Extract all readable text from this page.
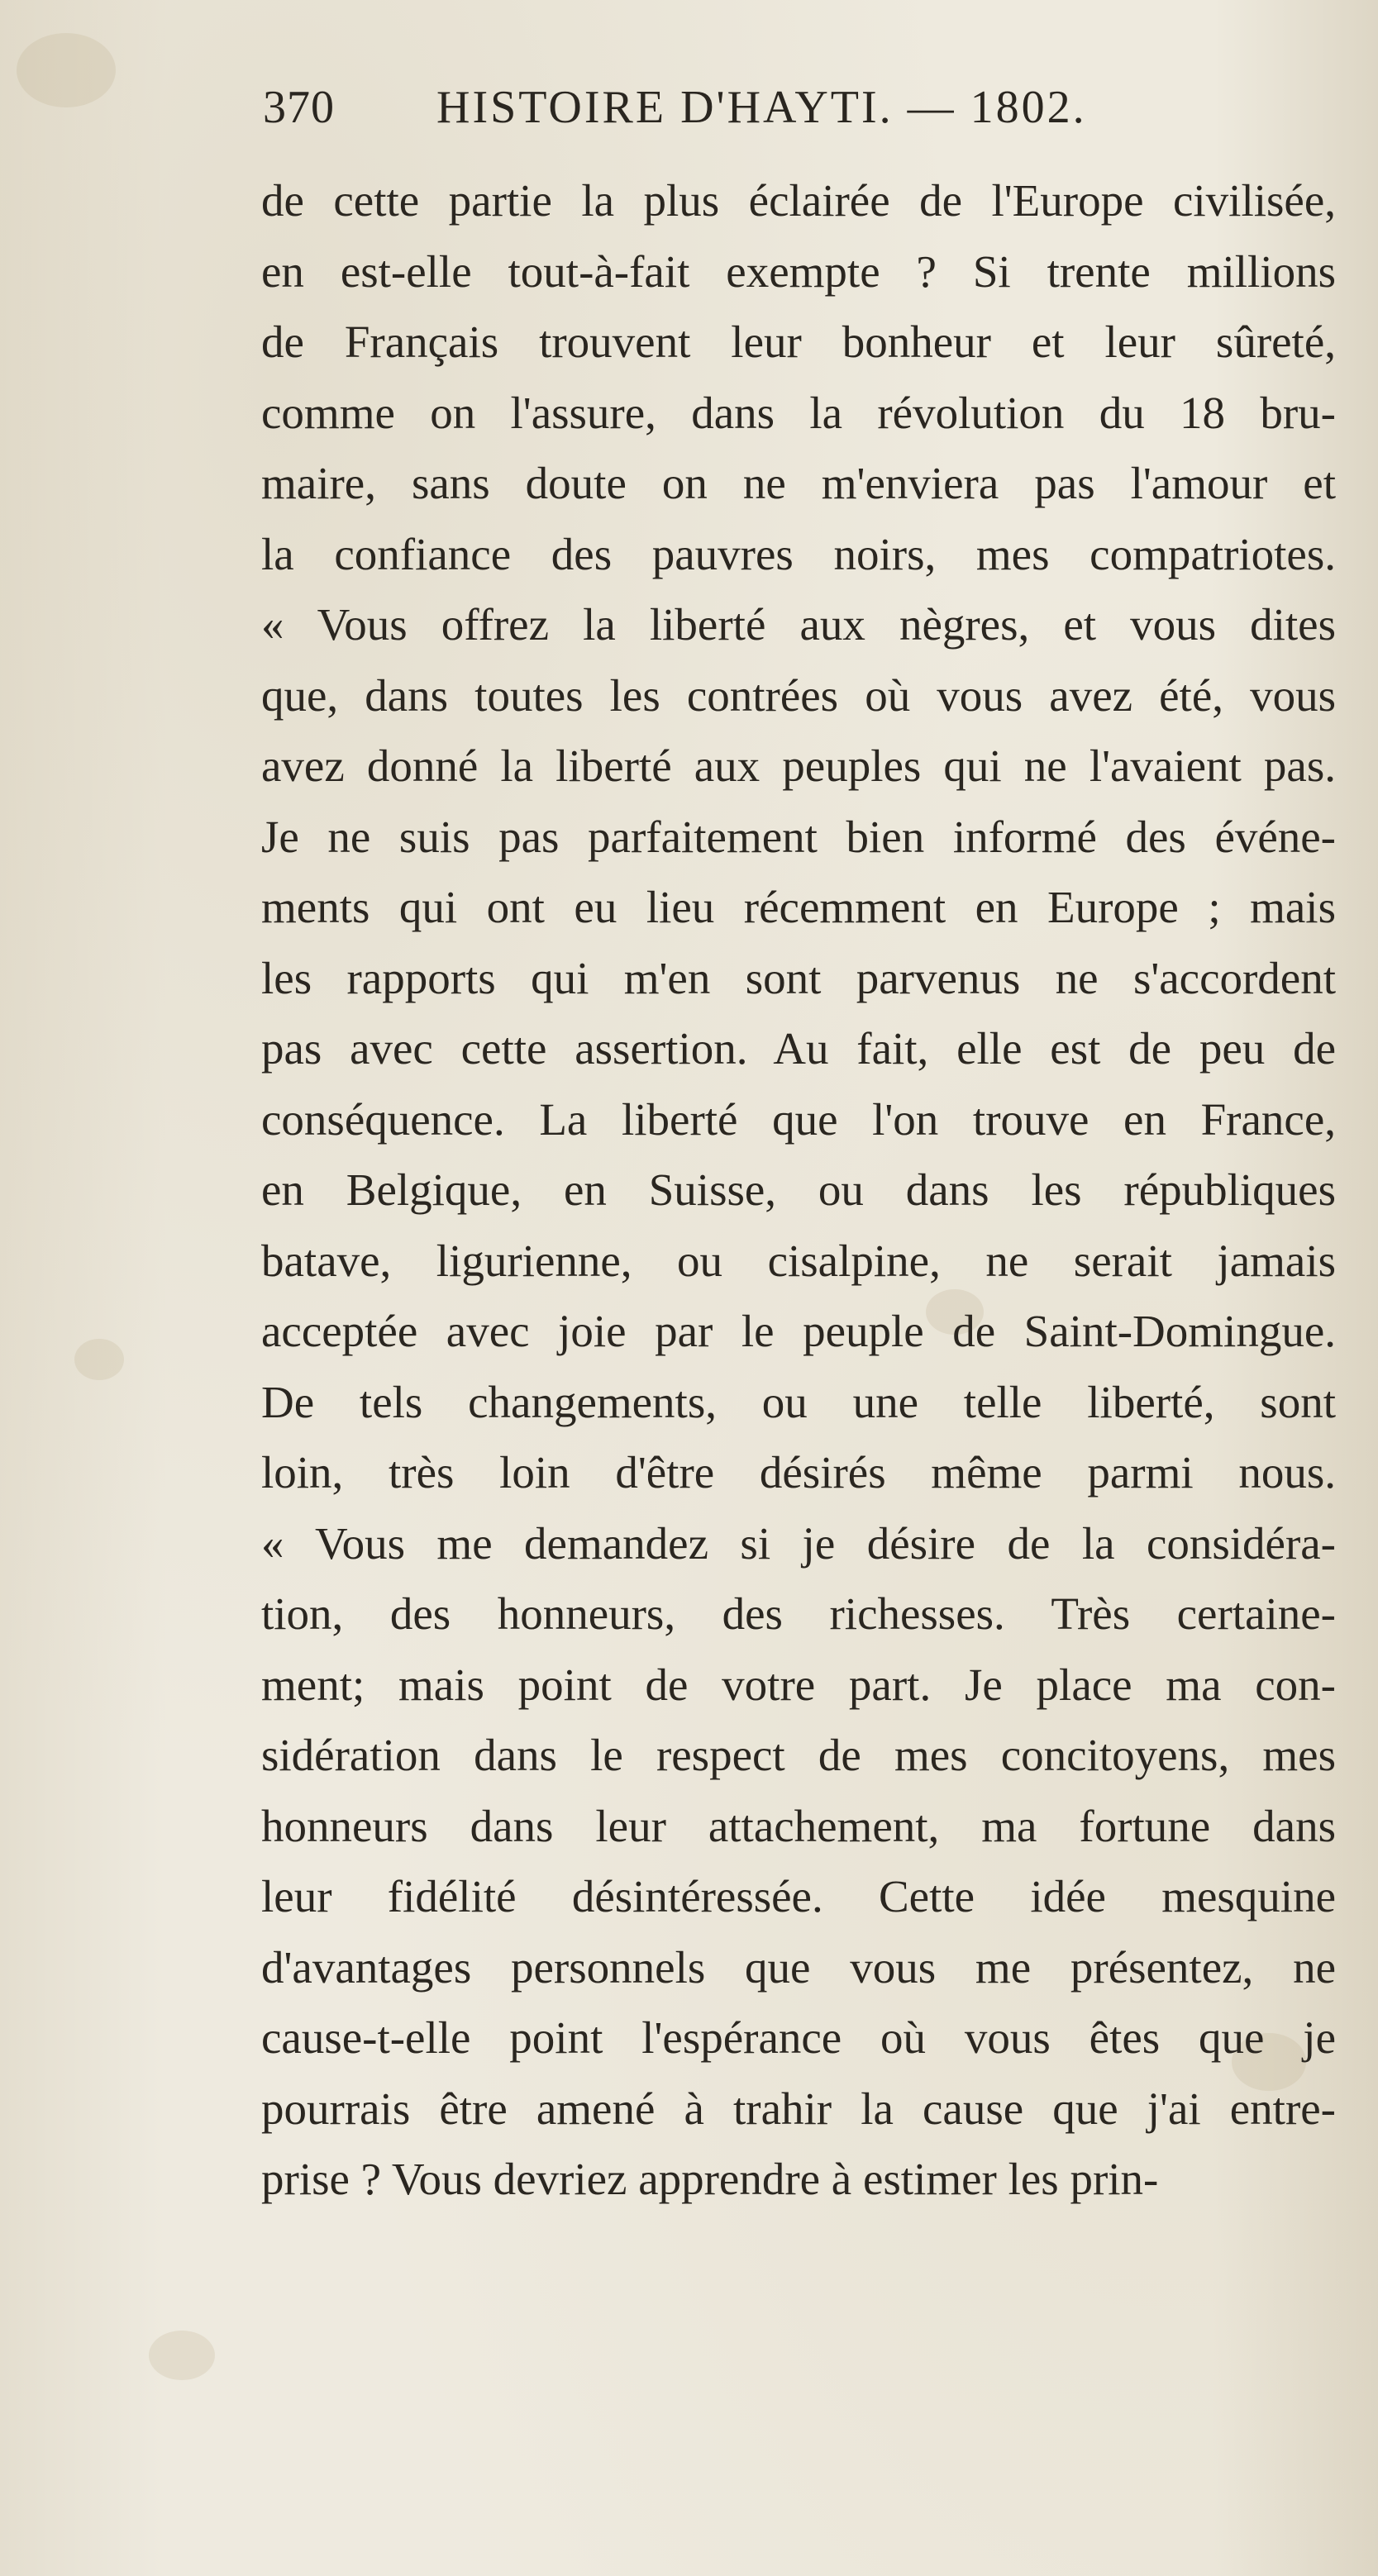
370 HISTOIRE D'HAYTI. — 1802.
de cette partie la plus éclairée de l'Europe civilisée,
en est-elle tout-à-fait exempte ? Si trente millions
de Français trouvent leur bonheur et leur sûreté,
comme on l'assure, dans la révolution du 18 bru-
maire, sans doute on ne m'enviera pas l'amour et
la confiance des pauvres noirs, mes compatriotes.
« Vous offrez la liberté aux nègres, et vous dites
que, dans toutes les contrées où vous avez été, vous
avez donné la liberté aux peuples qui ne l'avaient pas.
Je ne suis pas parfaitement bien informé des événe-
ments qui ont eu lieu récemment en Europe ; mais
les rapports qui m'en sont parvenus ne s'accordent
pas avec cette assertion. Au fait, elle est de peu de
conséquence. La liberté que l'on trouve en France,
en Belgique, en Suisse, ou dans les républiques
batave, ligurienne, ou cisalpine, ne serait jamais
acceptée avec joie par le peuple de Saint-Domingue.
De tels changements, ou une telle liberté, sont
loin, très loin d'être désirés même parmi nous.
« Vous me demandez si je désire de la considéra-
tion, des honneurs, des richesses. Très certaine-
ment; mais point de votre part. Je place ma con-
sidération dans le respect de mes concitoyens, mes
honneurs dans leur attachement, ma fortune dans
leur fidélité désintéressée. Cette idée mesquine
d'avantages personnels que vous me présentez, ne
cause-t-elle point l'espérance où vous êtes que je
pourrais être amené à trahir la cause que j'ai entre-
prise ? Vous devriez apprendre à estimer les prin-
